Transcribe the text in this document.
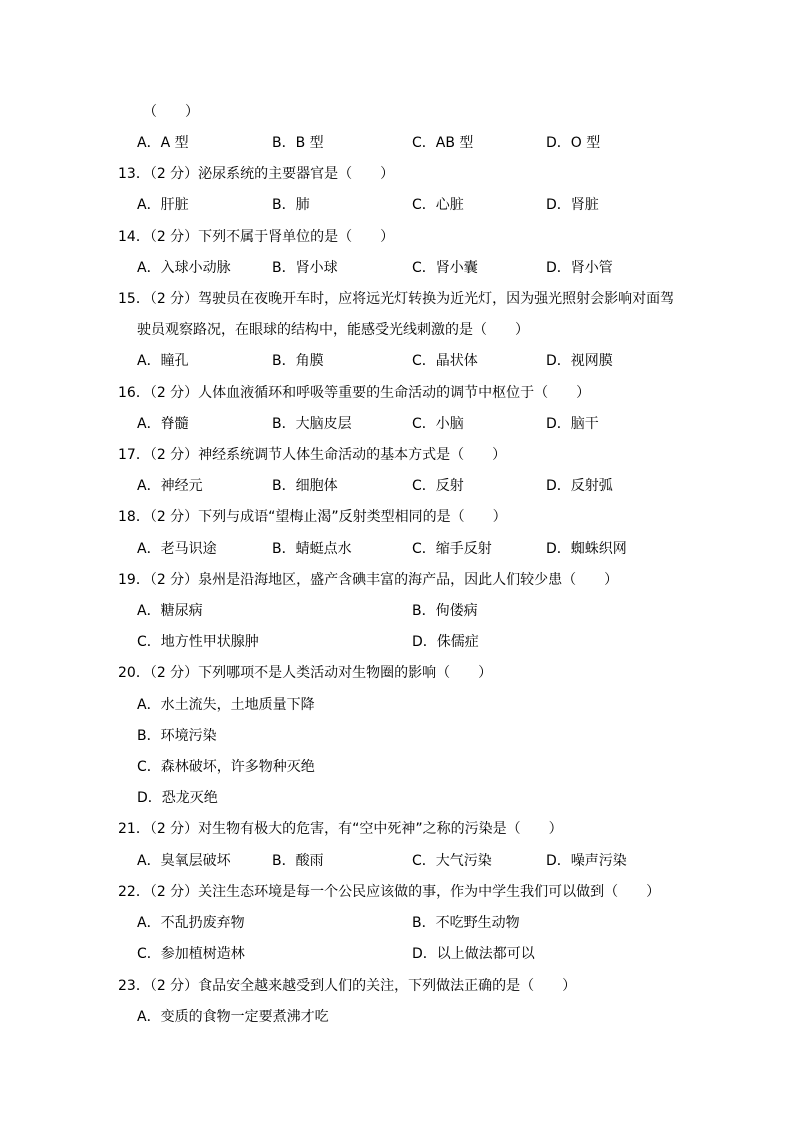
（　　）
A．A 型	B．B 型	C．AB 型	D．O 型
13．（2 分）泌尿系统的主要器官是（　　）
A．肝脏	B．肺	C．心脏	D．肾脏
14．（2 分）下列不属于肾单位的是（　　）
A．入球小动脉	B．肾小球	C．肾小囊	D．肾小管
15．（2 分）驾驶员在夜晚开车时，应将远光灯转换为近光灯，因为强光照射会影响对面驾
驶员观察路况，在眼球的结构中，能感受光线刺激的是（　　）
A．瞳孔	B．角膜	C．晶状体	D．视网膜
16．（2 分）人体血液循环和呼吸等重要的生命活动的调节中枢位于（　　）
A．脊髓	B．大脑皮层	C．小脑	D．脑干
17．（2 分）神经系统调节人体生命活动的基本方式是（　　）
A．神经元	B．细胞体	C．反射	D．反射弧
18．（2 分）下列与成语“望梅止渴”反射类型相同的是（　　）
A．老马识途	B．蜻蜓点水	C．缩手反射	D．蜘蛛织网
19．（2 分）泉州是沿海地区，盛产含碘丰富的海产品，因此人们较少患（　　）
A．糖尿病	B．佝偻病
C．地方性甲状腺肿	D．侏儒症
20．（2 分）下列哪项不是人类活动对生物圈的影响（　　）
A．水土流失，土地质量下降
B．环境污染
C．森林破坏，许多物种灭绝
D．恐龙灭绝
21．（2 分）对生物有极大的危害，有“空中死神”之称的污染是（　　）
A．臭氧层破坏	B．酸雨	C．大气污染	D．噪声污染
22．（2 分）关注生态环境是每一个公民应该做的事，作为中学生我们可以做到（　　）
A．不乱扔废弃物	B．不吃野生动物
C．参加植树造林	D．以上做法都可以
23．（2 分）食品安全越来越受到人们的关注，下列做法正确的是（　　）
A．变质的食物一定要煮沸才吃
